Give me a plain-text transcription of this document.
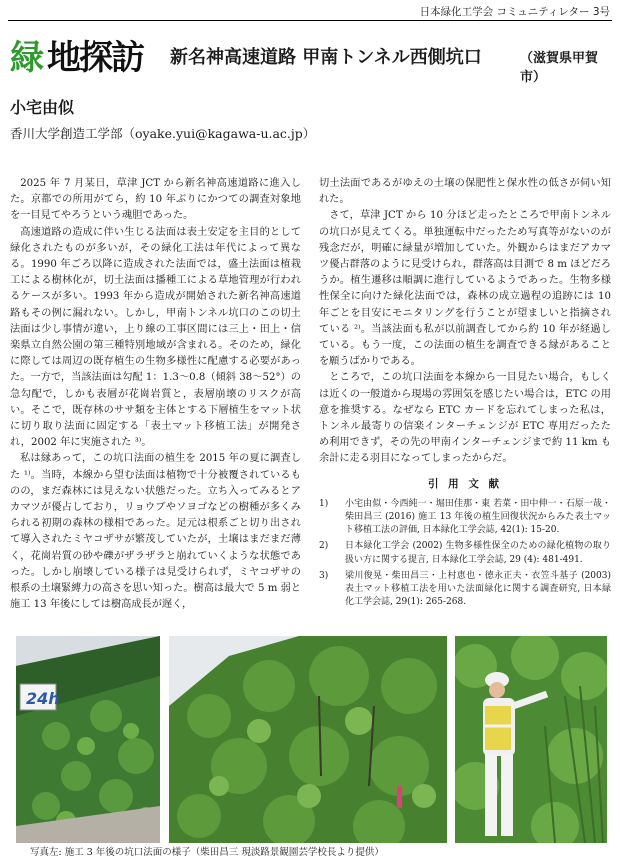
日本緑化工学会 コミュニティレター 3号
緑 地探訪 新名神高速道路 甲南トンネル西側坑口	（滋賀県甲賀市）
小宅由似
香川大学創造工学部（oyake.yui@kagawa-u.ac.jp）

2025 年 7 月某日，草津 JCT から新名神高速道路に進入した。京都での所用がてら，約 10 年ぶりにかつての調査対象地を一目見てやろうという魂胆であった。

高速道路の造成に伴い生じる法面は表土安定を主目的として緑化されたものが多いが，その緑化工法は年代によって異なる。1990 年ごろ以降に造成された法面では，盛土法面は植栽工による樹林化が，切土法面は播種工による草地管理が行われるケースが多い。1993 年から造成が開始された新名神高速道路もその例に漏れない。しかし，甲南トンネル坑口のこの切土法面は少し事情が違い，上り線の工事区間には三上・田上・信楽県立自然公園の第三種特別地域が含まれる。そのため，緑化に際しては周辺の既存植生の生物多様性に配慮する必要があった。一方で，当該法面は勾配 1：1.3～0.8（傾斜 38～52°）の急勾配で，しかも表層が花崗岩質と，表層崩壊のリスクが高い。そこで，既存林のササ類を主体とする下層植生をマット状に切り取り法面に固定する「表土マット移植工法」が開発され，2002 年に実施された ³⁾。

私は縁あって，この坑口法面の植生を 2015 年の夏に調査した ¹⁾。当時，本線から望む法面は植物で十分被覆されているものの，まだ森林には見えない状態だった。立ち入ってみるとアカマツが優占しており，リョウブやソヨゴなどの樹種が多くみられる初期の森林の様相であった。足元は根系ごと切り出されて導入されたミヤコザサが繁茂していたが，土壌はまだまだ薄く，花崗岩質の砂や礫がザラザラと崩れていくような状態であった。しかし崩壊している様子は見受けられず，ミヤコザサの根系の土壌緊縛力の高さを思い知った。樹高は最大で 5 m 弱と施工 13 年後にしては樹高成長が遅く，

切土法面であるがゆえの土壌の保肥性と保水性の低さが伺い知れた。

さて，草津 JCT から 10 分ほど走ったところで甲南トンネルの坑口が見えてくる。単独運転中だったため写真等がないのが残念だが，明確に緑量が増加していた。外観からはまだアカマツ優占群落のように見受けられ，群落高は目測で 8 m ほどだろうか。植生遷移は順調に進行しているようであった。生物多様性保全に向けた緑化法面では，森林の成立過程の追跡には 10 年ごとを目安にモニタリングを行うことが望ましいと指摘されている ²⁾。当該法面も私が以前調査してから約 10 年が経過している。もう一度，この法面の植生を調査できる縁があることを願うばかりである。

ところで，この坑口法面を本線から一目見たい場合，もしくは近くの一般道から現場の雰囲気を感じたい場合は，ETC の用意を推奨する。なぜなら ETC カードを忘れてしまった私は，トンネル最寄りの信楽インターチェンジが ETC 専用だったため利用できず，その先の甲南インターチェンジまで約 11 km も余計に走る羽目になってしまったからだ。

引 用 文 献
1)	小宅由似・今西純一・堀田佳那・東 若菜・田中伸一・石原一哉・柴田昌三 (2016) 施工 13 年後の植生回復状況からみた表土マット移植工法の評価, 日本緑化工学会誌, 42(1): 15-20.
2)	日本緑化工学会 (2002) 生物多様性保全のための緑化植物の取り扱い方に関する提言, 日本緑化工学会誌, 29 (4): 481-491.
3)	梁川俊晃・柴田昌三・上村恵也・徳永正夫・衣笠斗基子 (2003) 表土マット移植工法を用いた法面緑化に関する調査研究, 日本緑化工学会誌, 29(1): 265-268.
24h
写真左: 施工 3 年後の坑口法面の様子（柴田昌三 現淡路景観園芸学校長より提供）
